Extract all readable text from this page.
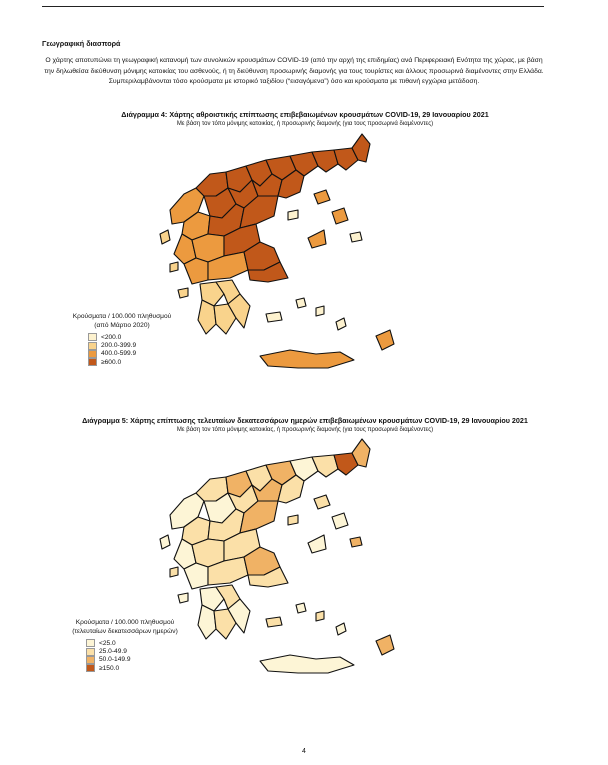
Γεωγραφική διασπορά
Ο χάρτης αποτυπώνει τη γεωγραφική κατανομή των συνολικών κρουσμάτων COVID-19 (από την αρχή της επιδημίας) ανά Περιφερειακή Ενότητα της χώρας, με βάση την δηλωθείσα διεύθυνση μόνιμης κατοικίας του ασθενούς, ή τη διεύθυνση προσωρινής διαμονής για τους τουρίστες και άλλους προσωρινά διαμένοντες στην Ελλάδα. Συμπεριλαμβάνονται τόσο κρούσματα με ιστορικό ταξιδίου (“εισαγόμενα”) όσο και κρούσματα με πιθανή εγχώρια μετάδοση.
Διάγραμμα 4: Χάρτης αθροιστικής επίπτωσης επιβεβαιωμένων κρουσμάτων COVID-19, 29 Ιανουαρίου 2021
Με βάση τον τόπο μόνιμης κατοικίας, ή προσωρινής διαμονής (για τους προσωρινά διαμένοντες)
Κρούσματα / 100.000 πληθυσμού
(από Μάρτιο 2020)
<200.0
200.0-399.9
400.0-599.9
≥600.0
Διάγραμμα 5: Χάρτης επίπτωσης τελευταίων δεκατεσσάρων ημερών επιβεβαιωμένων κρουσμάτων COVID-19, 29 Ιανουαρίου 2021
Με βάση τον τόπο μόνιμης κατοικίας, ή προσωρινής διαμονής (για τους προσωρινά διαμένοντες)
Κρούσματα / 100.000 πληθυσμού
(τελευταίων δεκατεσσάρων ημερών)
<25.0
25.0-49.9
50.0-149.9
≥150.0
4
